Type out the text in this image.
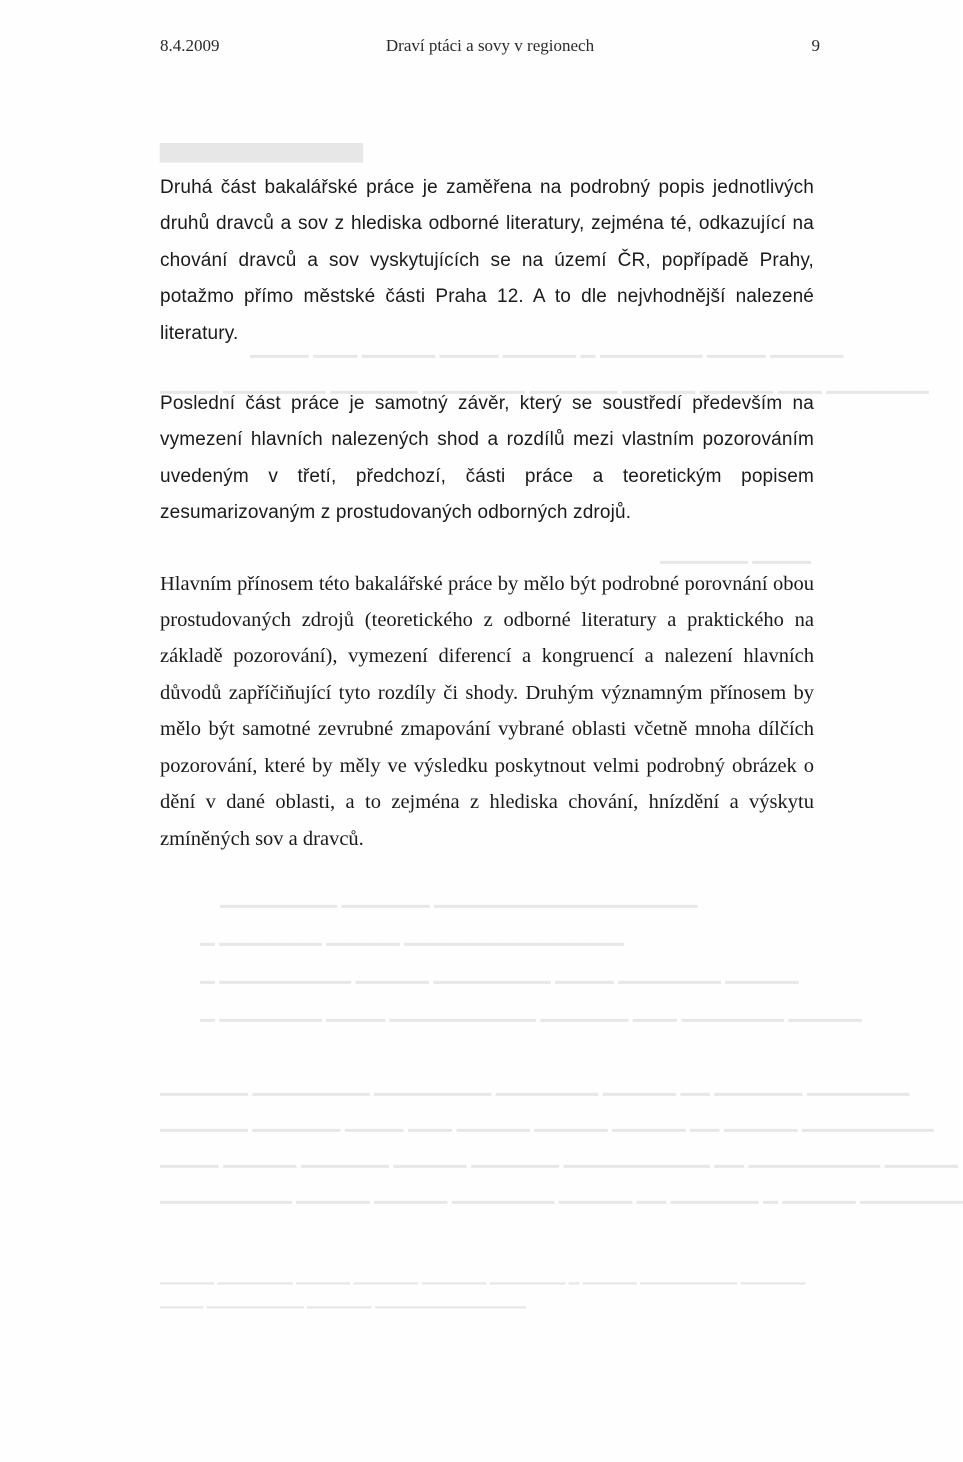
▆▆▆▆▆▆▆▆▆▆▆▆
▁▁▁▁ ▁▁▁ ▁▁▁▁▁ ▁▁▁▁ ▁▁▁▁▁ ▁ ▁▁▁▁▁▁▁ ▁▁▁▁ ▁▁▁▁▁
▁▁▁▁ ▁▁▁▁▁▁▁ ▁▁▁▁▁▁ ▁▁▁▁▁▁▁ ▁▁▁▁▁▁ ▁▁▁▁▁ ▁▁▁▁▁ ▁▁▁ ▁▁▁▁▁▁▁
▁▁▁▁▁▁ ▁▁▁▁
▁▁▁▁▁▁▁▁ ▁▁▁▁▁▁ ▁▁▁▁▁▁▁▁▁▁▁▁▁▁▁▁▁▁
▁ ▁▁▁▁▁▁▁ ▁▁▁▁▁ ▁▁▁▁▁▁▁▁▁▁▁▁▁▁▁
▁ ▁▁▁▁▁▁▁▁▁ ▁▁▁▁▁ ▁▁▁▁▁▁▁▁ ▁▁▁▁ ▁▁▁▁▁▁▁ ▁▁▁▁▁
▁ ▁▁▁▁▁▁▁ ▁▁▁▁ ▁▁▁▁▁▁▁▁▁▁ ▁▁▁▁▁▁ ▁▁▁ ▁▁▁▁▁▁▁ ▁▁▁▁▁
▁▁▁▁▁▁ ▁▁▁▁▁▁▁▁ ▁▁▁▁▁▁▁▁ ▁▁▁▁▁▁▁ ▁▁▁▁▁ ▁▁ ▁▁▁▁▁▁ ▁▁▁▁▁▁▁
▁▁▁▁▁▁ ▁▁▁▁▁▁ ▁▁▁▁ ▁▁▁ ▁▁▁▁▁ ▁▁▁▁▁ ▁▁▁▁▁ ▁▁ ▁▁▁▁▁ ▁▁▁▁▁▁▁▁▁
▁▁▁▁ ▁▁▁▁▁ ▁▁▁▁▁▁ ▁▁▁▁▁ ▁▁▁▁▁▁ ▁▁▁▁▁▁▁▁▁▁ ▁▁ ▁▁▁▁▁▁▁▁▁ ▁▁▁▁▁
▁▁▁▁▁▁▁▁▁ ▁▁▁▁▁ ▁▁▁▁▁ ▁▁▁▁▁▁▁ ▁▁▁▁▁ ▁▁ ▁▁▁▁▁▁ ▁ ▁▁▁▁▁ ▁▁▁▁▁▁▁
▁▁▁▁▁ ▁▁▁▁▁▁▁ ▁▁▁▁▁ ▁▁▁▁▁▁ ▁▁▁▁▁▁ ▁▁▁▁▁▁▁ ▁ ▁▁▁▁▁ ▁▁▁▁▁▁▁▁▁ ▁▁▁▁▁▁
▁▁▁▁ ▁▁▁▁▁▁▁▁▁ ▁▁▁▁▁▁ ▁▁▁▁▁▁▁▁▁▁▁▁▁▁
8.4.2009	Draví ptáci a sovy v regionech	9

Druhá část bakalářské práce je zaměřena na podrobný popis jednotlivých druhů dravců a sov z hlediska odborné literatury, zejména té, odkazující na chování dravců a sov vyskytujících se na území ČR, popřípadě Prahy, potažmo přímo městské části Praha 12. A to dle nejvhodnější nalezené literatury.

Poslední část práce je samotný závěr, který se soustředí především na vymezení hlavních nalezených shod a rozdílů mezi vlastním pozorováním uvedeným v třetí, předchozí, části práce a teoretickým popisem zesumarizovaným z prostudovaných odborných zdrojů.

Hlavním přínosem této bakalářské práce by mělo být podrobné porovnání obou prostudovaných zdrojů (teoretického z odborné literatury a praktického na základě pozorování), vymezení diferencí a kongruencí a nalezení hlavních důvodů zapříčiňující tyto rozdíly či shody. Druhým významným přínosem by mělo být samotné zevrubné zmapování vybrané oblasti včetně mnoha dílčích pozorování, které by měly ve výsledku poskytnout velmi podrobný obrázek o dění v dané oblasti, a to zejména z hlediska chování, hnízdění a výskytu zmíněných sov a dravců.
